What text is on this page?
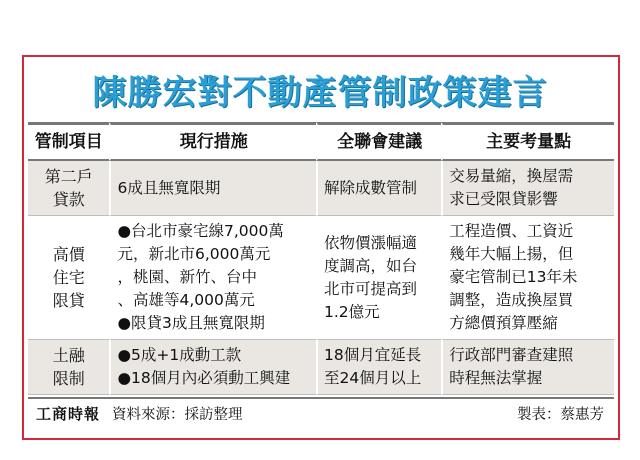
陳勝宏對不動產管制政策建言
管制項目	現行措施	全聯會建議	主要考量點

第二戶
貸款	6成且無寬限期	解除成數管制	交易量縮，換屋需
求已受限貸影響

高價
住宅
限貸	●台北市豪宅線7,000萬
元，新北市6,000萬元
，桃園、新竹、台中
、高雄等4,000萬元
●限貸3成且無寬限期	依物價漲幅適
度調高，如台
北市可提高到
1.2億元	工程造價、工資近
幾年大幅上揚，但
豪宅管制已13年未
調整，造成換屋買
方總價預算壓縮

土融
限制	●5成+1成動工款
●18個月內必須動工興建	18個月宜延長
至24個月以上	行政部門審查建照
時程無法掌握
工商時報 資料來源：採訪整理	製表：蔡惠芳
